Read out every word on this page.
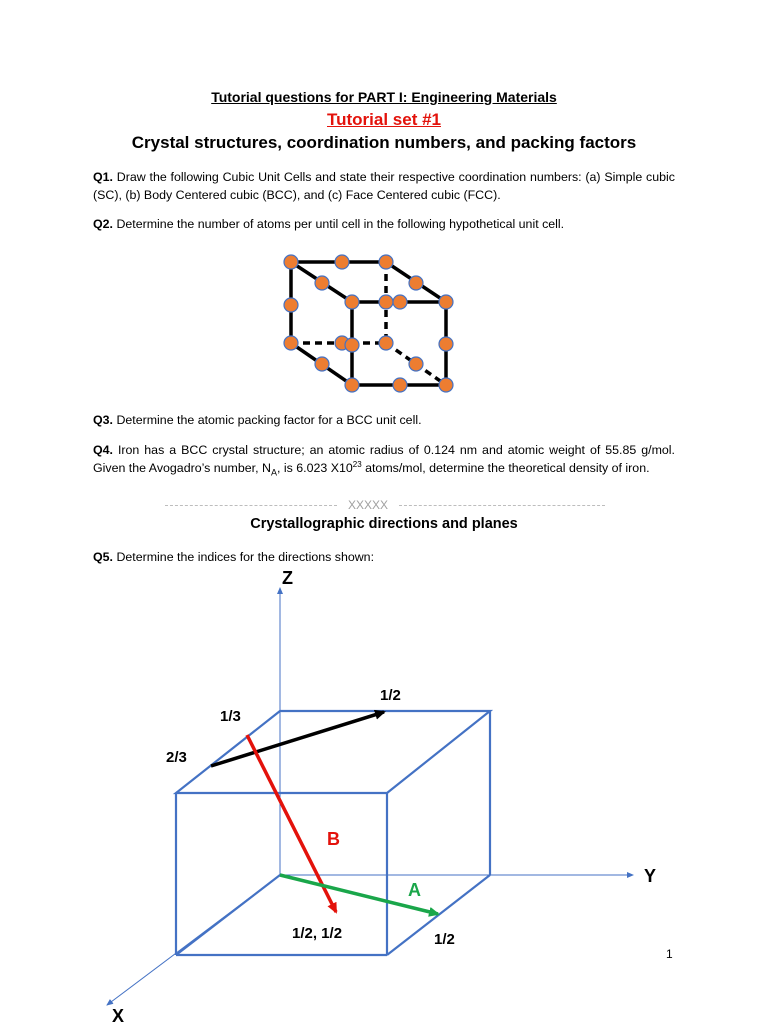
Tutorial questions for PART I: Engineering Materials
Tutorial set #1
Crystal structures, coordination numbers, and packing factors
Q1. Draw the following Cubic Unit Cells and state their respective coordination numbers: (a) Simple cubic (SC), (b) Body Centered cubic (BCC), and (c) Face Centered cubic (FCC).
Q2. Determine the number of atoms per until cell in the following hypothetical unit cell.
Q3. Determine the atomic packing factor for a BCC unit cell.
Q4. Iron has a BCC crystal structure; an atomic radius of 0.124 nm and atomic weight of 55.85 g/mol. Given the Avogadro’s number, $N_A$, is 6.023 $X10^{23}$ atoms/mol, determine the theoretical density of iron.
XXXXX
Crystallographic directions and planes
Q5. Determine the indices for the directions shown:
Z
Y
X
1/2
1/3
2/3
B
A
1/2, 1/2	1/2
1
